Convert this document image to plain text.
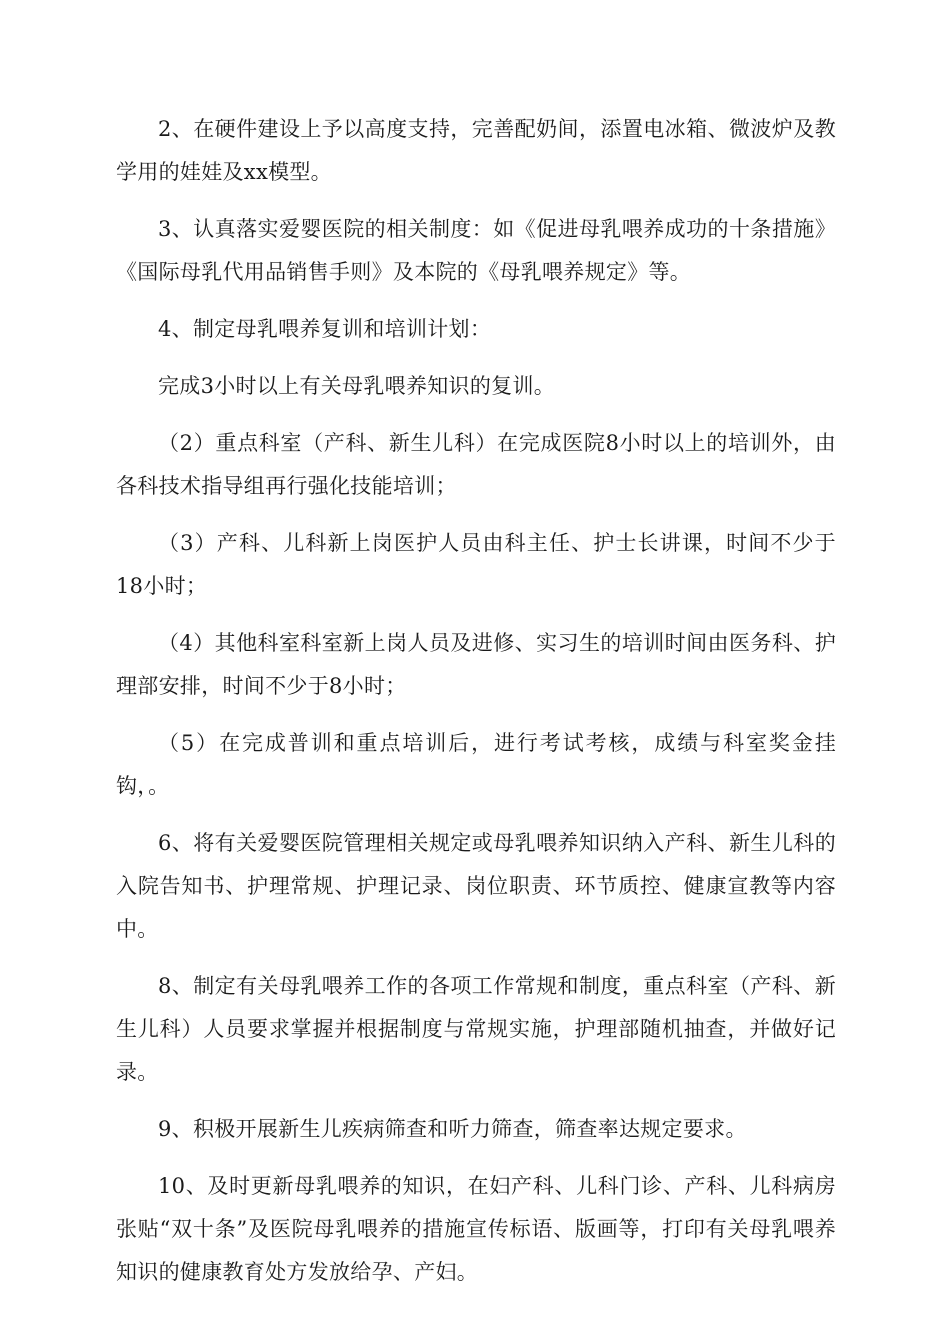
2、在硬件建设上予以高度支持，完善配奶间，添置电冰箱、微波炉及教学用的娃娃及xx模型。

3、认真落实爱婴医院的相关制度：如《促进母乳喂养成功的十条措施》《国际母乳代用品销售手则》及本院的《母乳喂养规定》等。

4、制定母乳喂养复训和培训计划：

完成3小时以上有关母乳喂养知识的复训。

（2）重点科室（产科、新生儿科）在完成医院8小时以上的培训外，由各科技术指导组再行强化技能培训；

（3）产科、儿科新上岗医护人员由科主任、护士长讲课，时间不少于18小时；

（4）其他科室科室新上岗人员及进修、实习生的培训时间由医务科、护理部安排，时间不少于8小时；

（5）在完成普训和重点培训后，进行考试考核，成绩与科室奖金挂钩，。

6、将有关爱婴医院管理相关规定或母乳喂养知识纳入产科、新生儿科的入院告知书、护理常规、护理记录、岗位职责、环节质控、健康宣教等内容中。

8、制定有关母乳喂养工作的各项工作常规和制度，重点科室（产科、新生儿科）人员要求掌握并根据制度与常规实施，护理部随机抽查，并做好记录。

9、积极开展新生儿疾病筛查和听力筛查，筛查率达规定要求。

10、及时更新母乳喂养的知识，在妇产科、儿科门诊、产科、儿科病房张贴“双十条”及医院母乳喂养的措施宣传标语、版画等，打印有关母乳喂养知识的健康教育处方发放给孕、产妇。
